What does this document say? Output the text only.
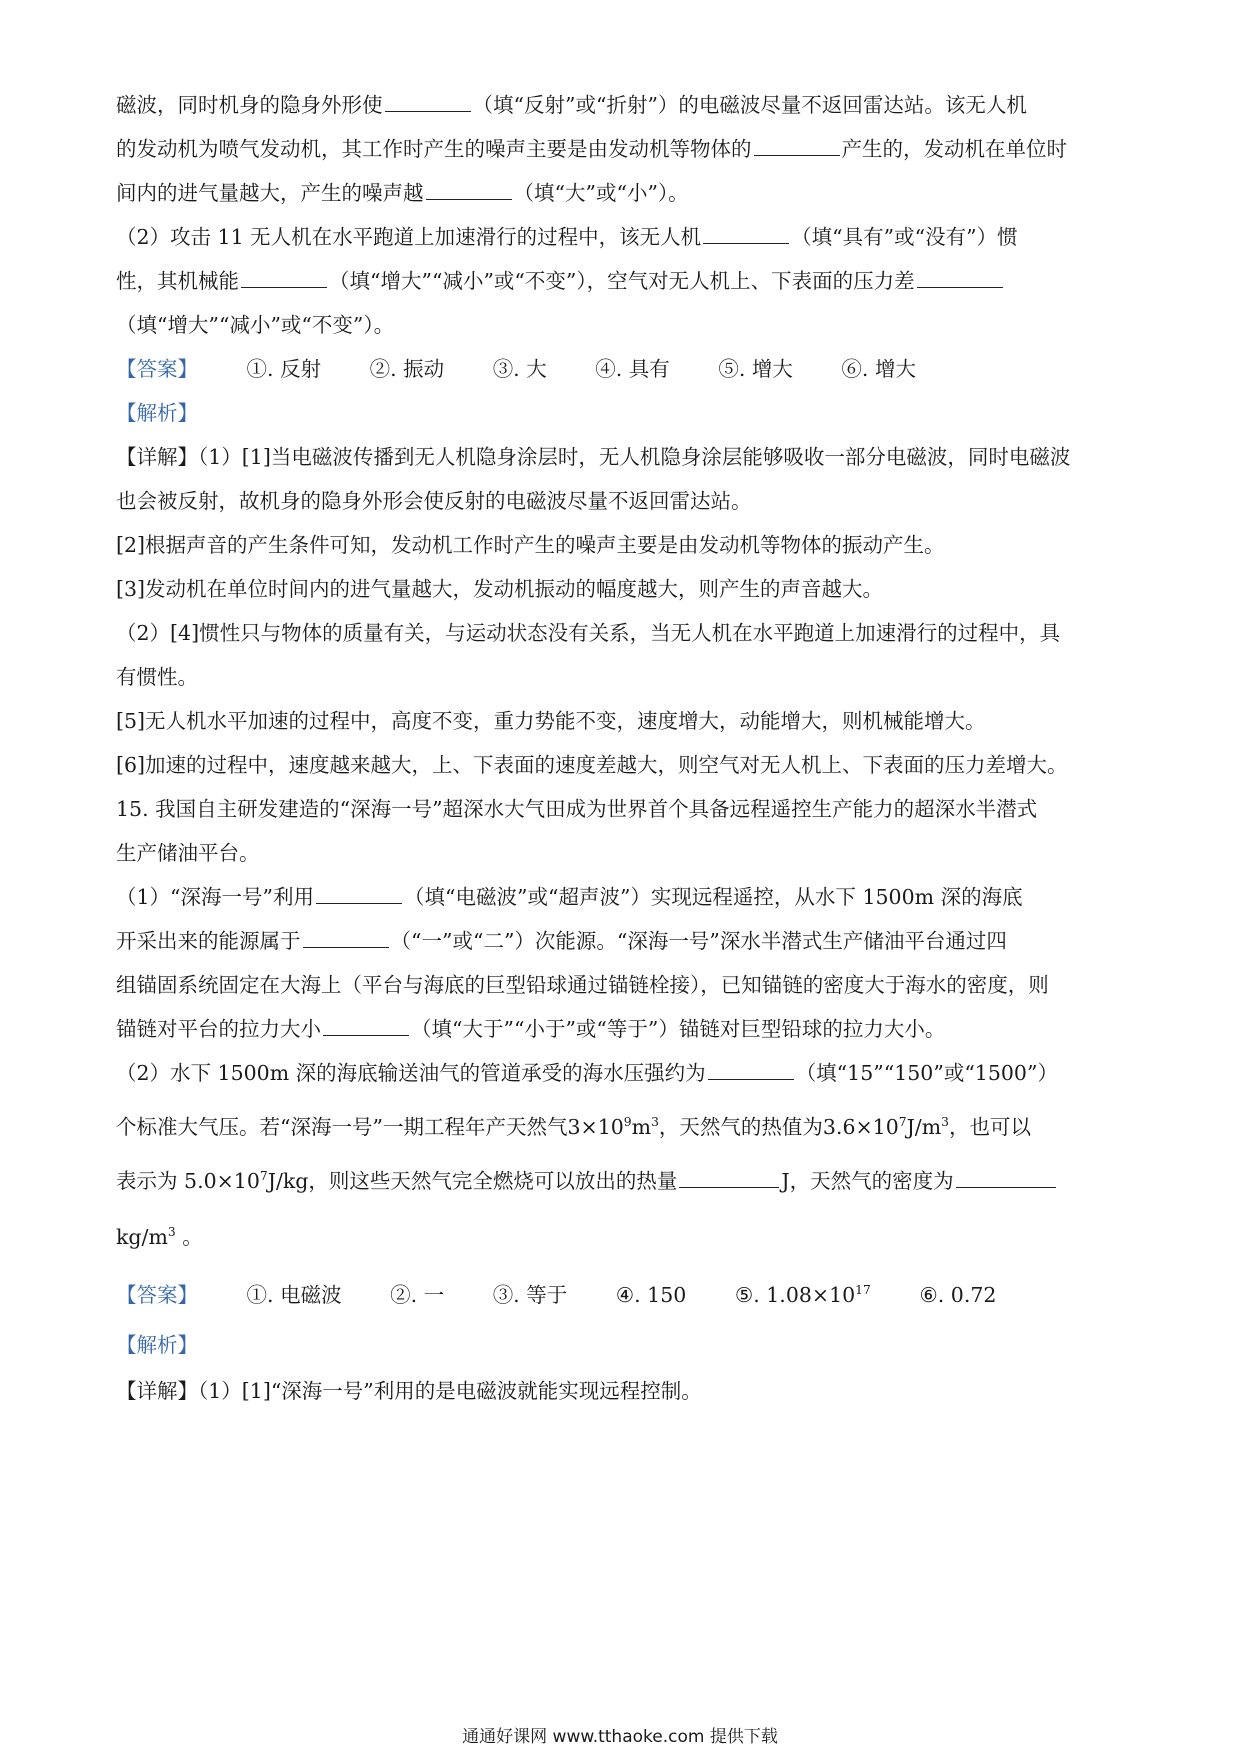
磁波，同时机身的隐身外形使	（填“反射”或“折射”）的电磁波尽量不返回雷达站。该无人机
的发动机为喷气发动机，其工作时产生的噪声主要是由发动机等物体的	产生的，发动机在单位时
间内的进气量越大，产生的噪声越	（填“大”或“小”）。
（2）攻击 11 无人机在水平跑道上加速滑行的过程中，该无人机	（填“具有”或“没有”）惯
性，其机械能	（填“增大”“减小”或“不变”），空气对无人机上、下表面的压力差
（填“增大”“减小”或“不变”）。
【答案】 ①. 反射 ②. 振动 ③. 大 ④. 具有 ⑤. 增大 ⑥. 增大
【解析】
【详解】（1）[1]当电磁波传播到无人机隐身涂层时，无人机隐身涂层能够吸收一部分电磁波，同时电磁波
也会被反射，故机身的隐身外形会使反射的电磁波尽量不返回雷达站。
[2]根据声音的产生条件可知，发动机工作时产生的噪声主要是由发动机等物体的振动产生。
[3]发动机在单位时间内的进气量越大，发动机振动的幅度越大，则产生的声音越大。
（2）[4]惯性只与物体的质量有关，与运动状态没有关系，当无人机在水平跑道上加速滑行的过程中，具
有惯性。
[5]无人机水平加速的过程中，高度不变，重力势能不变，速度增大，动能增大，则机械能增大。
[6]加速的过程中，速度越来越大，上、下表面的速度差越大，则空气对无人机上、下表面的压力差增大。
15. 我国自主研发建造的“深海一号”超深水大气田成为世界首个具备远程遥控生产能力的超深水半潜式
生产储油平台。
（1）“深海一号”利用	（填“电磁波”或“超声波”）实现远程遥控，从水下 1500m 深的海底
开采出来的能源属于	（“一”或“二”）次能源。“深海一号”深水半潜式生产储油平台通过四
组锚固系统固定在大海上（平台与海底的巨型铅球通过锚链栓接），已知锚链的密度大于海水的密度，则
锚链对平台的拉力大小	（填“大于”“小于”或“等于”）锚链对巨型铅球的拉力大小。
（2）水下 1500m 深的海底输送油气的管道承受的海水压强约为	（填“15”“150”或“1500”）
个标准大气压。若“深海一号”一期工程年产天然气$3\times 10^9m^3$，天然气的热值为$3.6\times 10^7J/m^3$，也可以
表示为 $5.0\times 10^7J/kg$，则这些天然气完全燃烧可以放出的热量	J，天然气的密度为
$kg/m^3$ 。
【答案】 ①. 电磁波 ②. 一 ③. 等于 ④. 150 ⑤. $1.08\times 10^{17}$ ⑥. 0.72
【解析】
【详解】（1）[1]“深海一号”利用的是电磁波就能实现远程控制。
通通好课网 www.tthaoke.com 提供下载
